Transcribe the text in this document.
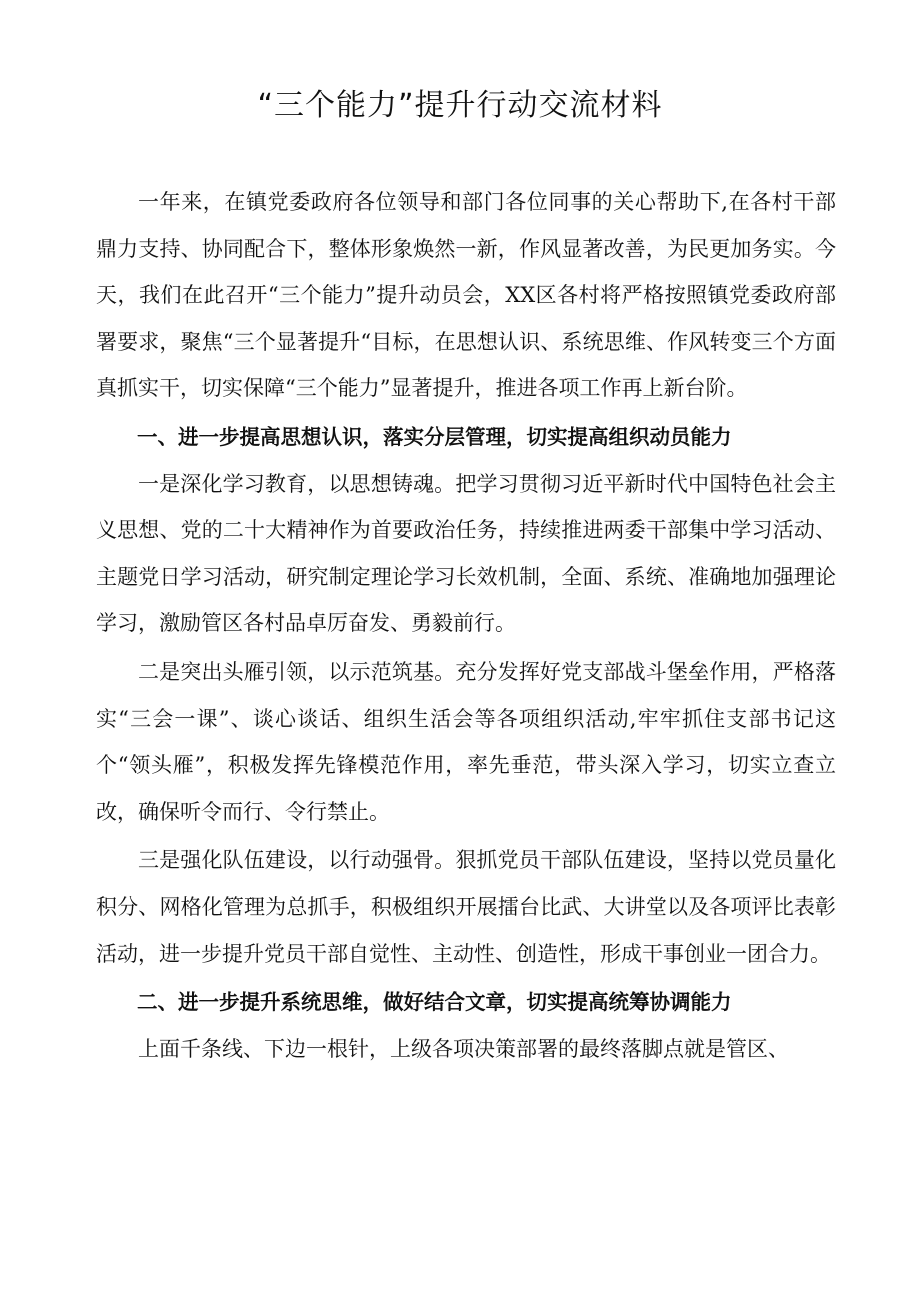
“三个能力”提升行动交流材料

一年来，在镇党委政府各位领导和部门各位同事的关心帮助下,在各村干部鼎力支持、协同配合下，整体形象焕然一新，作风显著改善，为民更加务实。今天，我们在此召开“三个能力”提升动员会，XX区各村将严格按照镇党委政府部署要求，聚焦“三个显著提升“目标，在思想认识、系统思维、作风转变三个方面真抓实干，切实保障“三个能力”显著提升，推进各项工作再上新台阶。

一、进一步提高思想认识，落实分层管理，切实提高组织动员能力

一是深化学习教育，以思想铸魂。把学习贯彻习近平新时代中国特色社会主义思想、党的二十大精神作为首要政治任务，持续推进两委干部集中学习活动、主题党日学习活动，研究制定理论学习长效机制，全面、系统、准确地加强理论学习，激励管区各村品卓厉奋发、勇毅前行。

二是突出头雁引领，以示范筑基。充分发挥好党支部战斗堡垒作用，严格落实“三会一课”、谈心谈话、组织生活会等各项组织活动,牢牢抓住支部书记这个“领头雁”，积极发挥先锋模范作用，率先垂范，带头深入学习，切实立查立改，确保听令而行、令行禁止。

三是强化队伍建设，以行动强骨。狠抓党员干部队伍建设，坚持以党员量化积分、网格化管理为总抓手，积极组织开展擂台比武、大讲堂以及各项评比表彰活动，进一步提升党员干部自觉性、主动性、创造性，形成干事创业一团合力。

二、进一步提升系统思维，做好结合文章，切实提高统筹协调能力

上面千条线、下边一根针，上级各项决策部署的最终落脚点就是管区、
